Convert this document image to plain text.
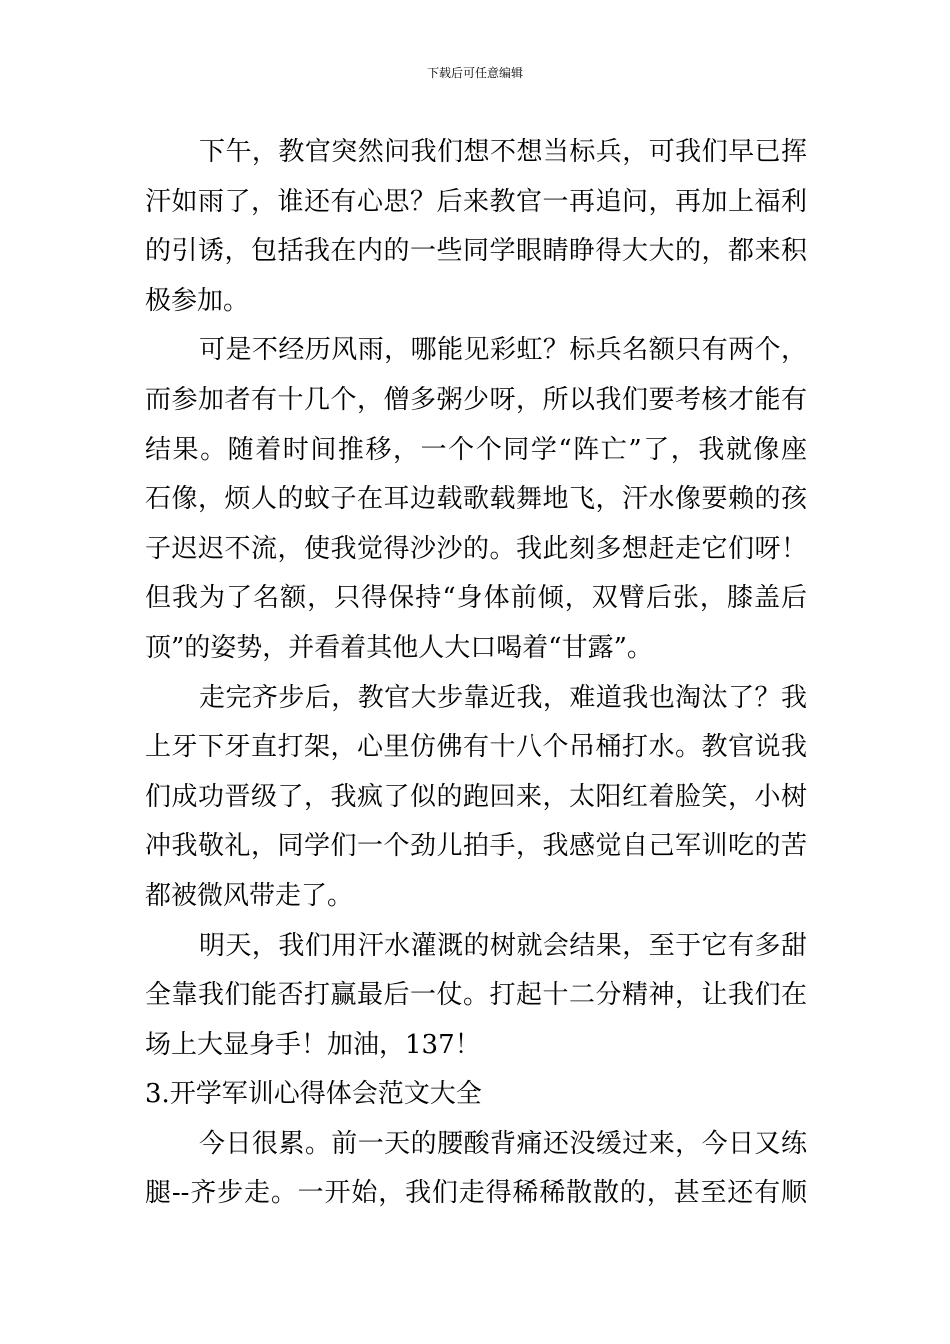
下载后可任意编辑
下午，教官突然问我们想不想当标兵，可我们早已挥
汗如雨了，谁还有心思？后来教官一再追问，再加上福利
的引诱，包括我在内的一些同学眼睛睁得大大的，都来积
极参加。
可是不经历风雨，哪能见彩虹？标兵名额只有两个，
而参加者有十几个，僧多粥少呀，所以我们要考核才能有
结果。随着时间推移，一个个同学“阵亡”了，我就像座
石像，烦人的蚊子在耳边载歌载舞地飞，汗水像要赖的孩
子迟迟不流，使我觉得沙沙的。我此刻多想赶走它们呀！
但我为了名额，只得保持“身体前倾，双臂后张，膝盖后
顶”的姿势，并看着其他人大口喝着“甘露”。
走完齐步后，教官大步靠近我，难道我也淘汰了？我
上牙下牙直打架，心里仿佛有十八个吊桶打水。教官说我
们成功晋级了，我疯了似的跑回来，太阳红着脸笑，小树
冲我敬礼，同学们一个劲儿拍手，我感觉自己军训吃的苦
都被微风带走了。
明天，我们用汗水灌溉的树就会结果，至于它有多甜
全靠我们能否打赢最后一仗。打起十二分精神，让我们在
场上大显身手！加油，137！
3.开学军训心得体会范文大全
今日很累。前一天的腰酸背痛还没缓过来，今日又练
腿--齐步走。一开始，我们走得稀稀散散的，甚至还有顺
